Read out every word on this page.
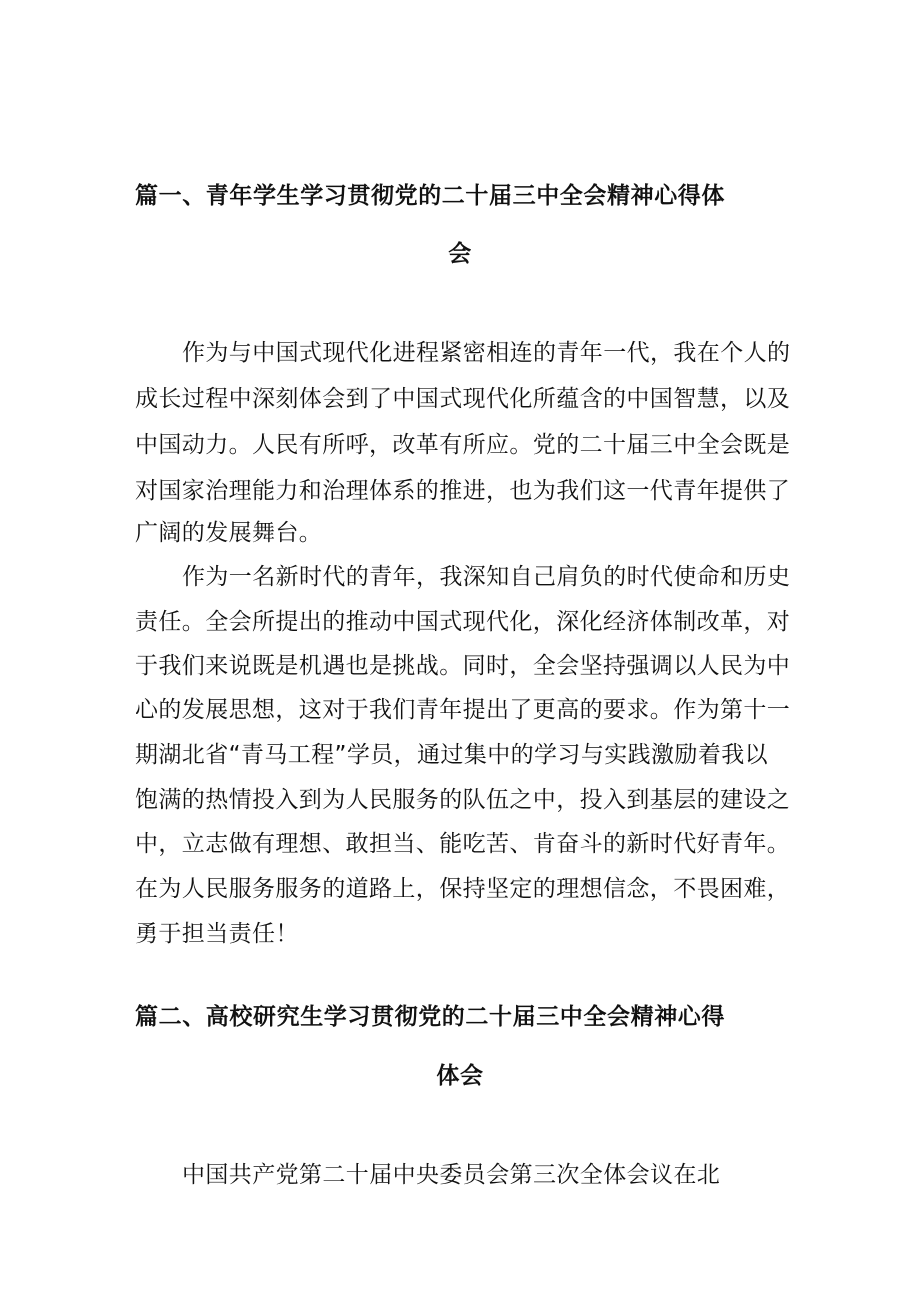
篇一、青年学生学习贯彻党的二十届三中全会精神心得体
会
作为与中国式现代化进程紧密相连的青年一代，我在个人的
成长过程中深刻体会到了中国式现代化所蕴含的中国智慧，以及
中国动力。人民有所呼，改革有所应。党的二十届三中全会既是
对国家治理能力和治理体系的推进，也为我们这一代青年提供了
广阔的发展舞台。
作为一名新时代的青年，我深知自己肩负的时代使命和历史
责任。全会所提出的推动中国式现代化，深化经济体制改革，对
于我们来说既是机遇也是挑战。同时，全会坚持强调以人民为中
心的发展思想，这对于我们青年提出了更高的要求。作为第十一
期湖北省“青马工程”学员，通过集中的学习与实践激励着我以
饱满的热情投入到为人民服务的队伍之中，投入到基层的建设之
中，立志做有理想、敢担当、能吃苦、肯奋斗的新时代好青年。
在为人民服务服务的道路上，保持坚定的理想信念，不畏困难，
勇于担当责任！
篇二、高校研究生学习贯彻党的二十届三中全会精神心得
体会
中国共产党第二十届中央委员会第三次全体会议在北
